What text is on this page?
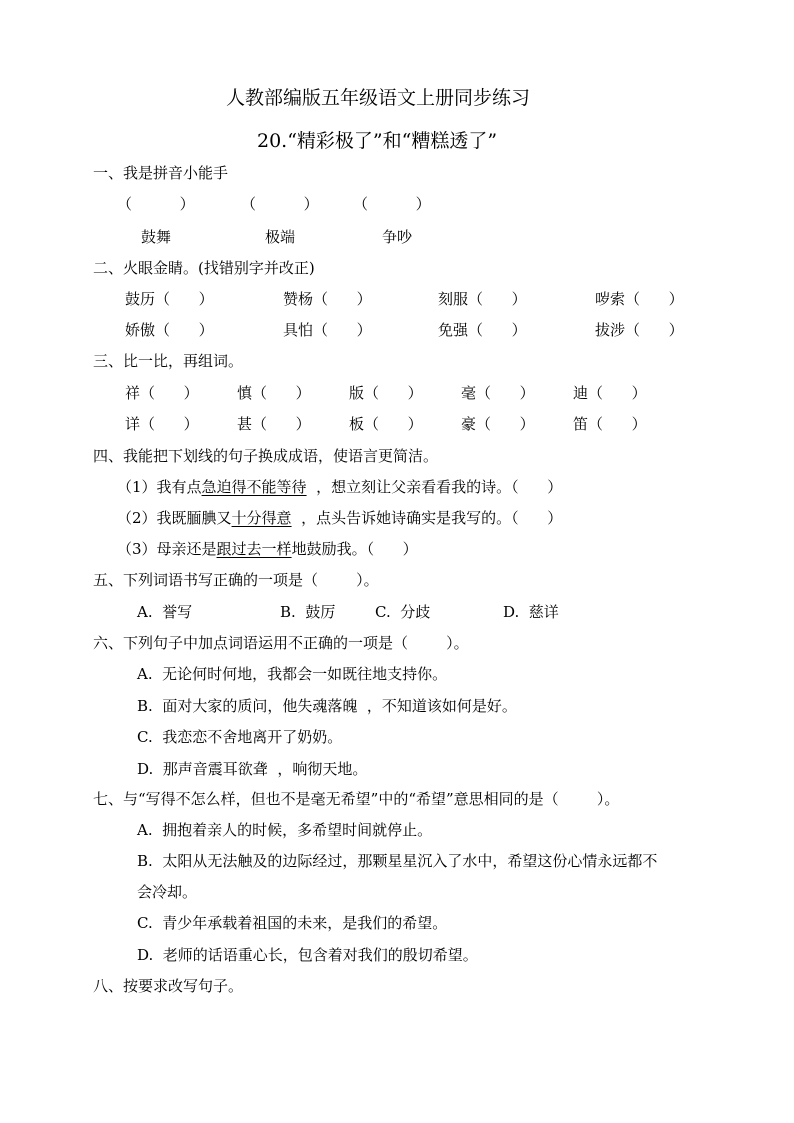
人教部编版五年级语文上册同步练习
20.“精彩极了”和“糟糕透了”
一、我是拼音小能手
（          ）	（          ） （          ）
鼓舞	极端	争吵
二、火眼金睛。(找错别字并改正)
鼓历（      ）	赞杨（      ）	刻服（      ）	哕索（      ）
娇傲（      ）	具怕（      ）	免强（      ）	拔涉（      ）
三、比一比，再组词。
祥（      ）	慎（      ）	版（      ）	毫（      ）	迪（      ）
详（      ）	甚（      ）	板（      ）	豪（      ）	笛（      ）
四、我能把下划线的句子换成成语，使语言更简洁。
（1）我有点急迫得不能等待  ，想立刻让父亲看看我的诗。（      ）
（2）我既腼腆又十分得意  ，点头告诉她诗确实是我写的。（      ）
（3）母亲还是跟过去一样地鼓励我。（      ）
五、下列词语书写正确的一项是（        ）。
A.  誉写	B.  鼓厉	C.  分歧	D.  慈详
六、下列句子中加点词语运用不正确的一项是（        ）。
A.  无论何时何地，我都会一如既往地支持你。
B.  面对大家的质问，他失魂落魄  ，不知道该如何是好。
C.  我恋恋不舍地离开了奶奶。
D.  那声音震耳欲聋  ，响彻天地。
七、与“写得不怎么样，但也不是毫无希望”中的“希望”意思相同的是（        ）。
A.  拥抱着亲人的时候，多希望时间就停止。
B.  太阳从无法触及的边际经过，那颗星星沉入了水中，希望这份心情永远都不
会冷却。
C.  青少年承载着祖国的未来，是我们的希望。
D.  老师的话语重心长，包含着对我们的殷切希望。
八、按要求改写句子。
